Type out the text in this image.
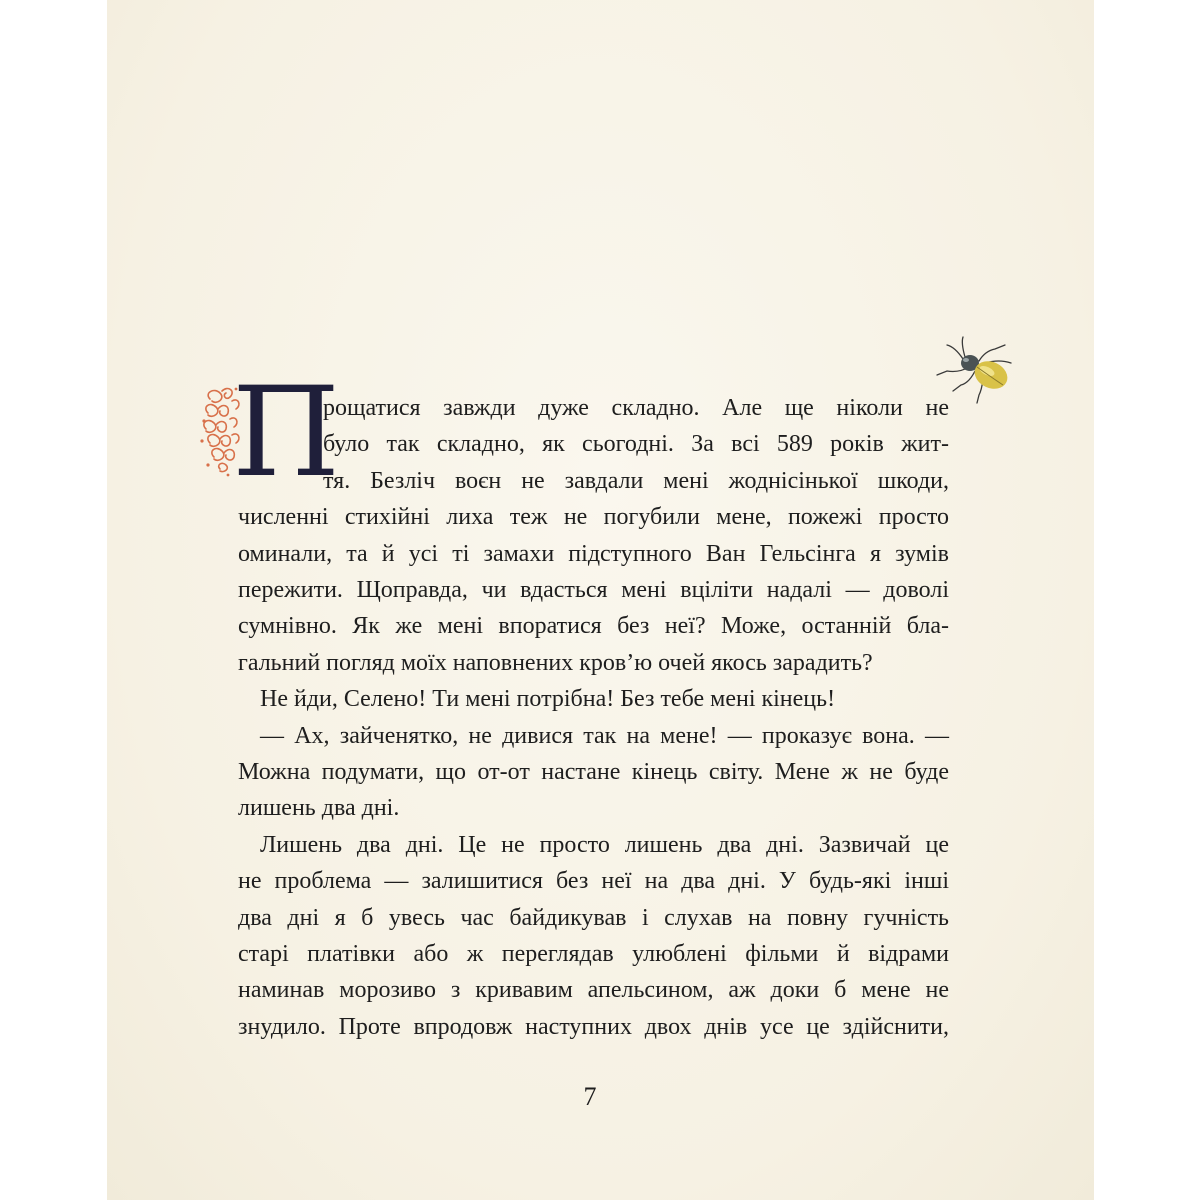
П
рощатися завжди дуже складно. Але ще ніколи не
було так складно, як сьогодні. За всі 589 років жит-
тя. Безліч воєн не завдали мені жоднісінької шкоди,
численні стихійні лиха теж не погубили мене, пожежі просто
оминали, та й усі ті замахи підступного Ван Гельсінга я зумів
пережити. Щоправда, чи вдасться мені вціліти надалі — доволі
сумнівно. Як же мені впоратися без неї? Може, останній бла-
гальний погляд моїх наповнених кров’ю очей якось зарадить?
Не йди, Селено! Ти мені потрібна! Без тебе мені кінець!
— Ах, зайченятко, не дивися так на мене! — проказує вона. —
Можна подумати, що от-от настане кінець світу. Мене ж не буде
лишень два дні.
Лишень два дні. Це не просто лишень два дні. Зазвичай це
не проблема — залишитися без неї на два дні. У будь-які інші
два дні я б увесь час байдикував і слухав на повну гучність
старі платівки або ж переглядав улюблені фільми й відрами
наминав морозиво з кривавим апельсином, аж доки б мене не
знудило. Проте впродовж наступних двох днів усе це здійснити,
7
